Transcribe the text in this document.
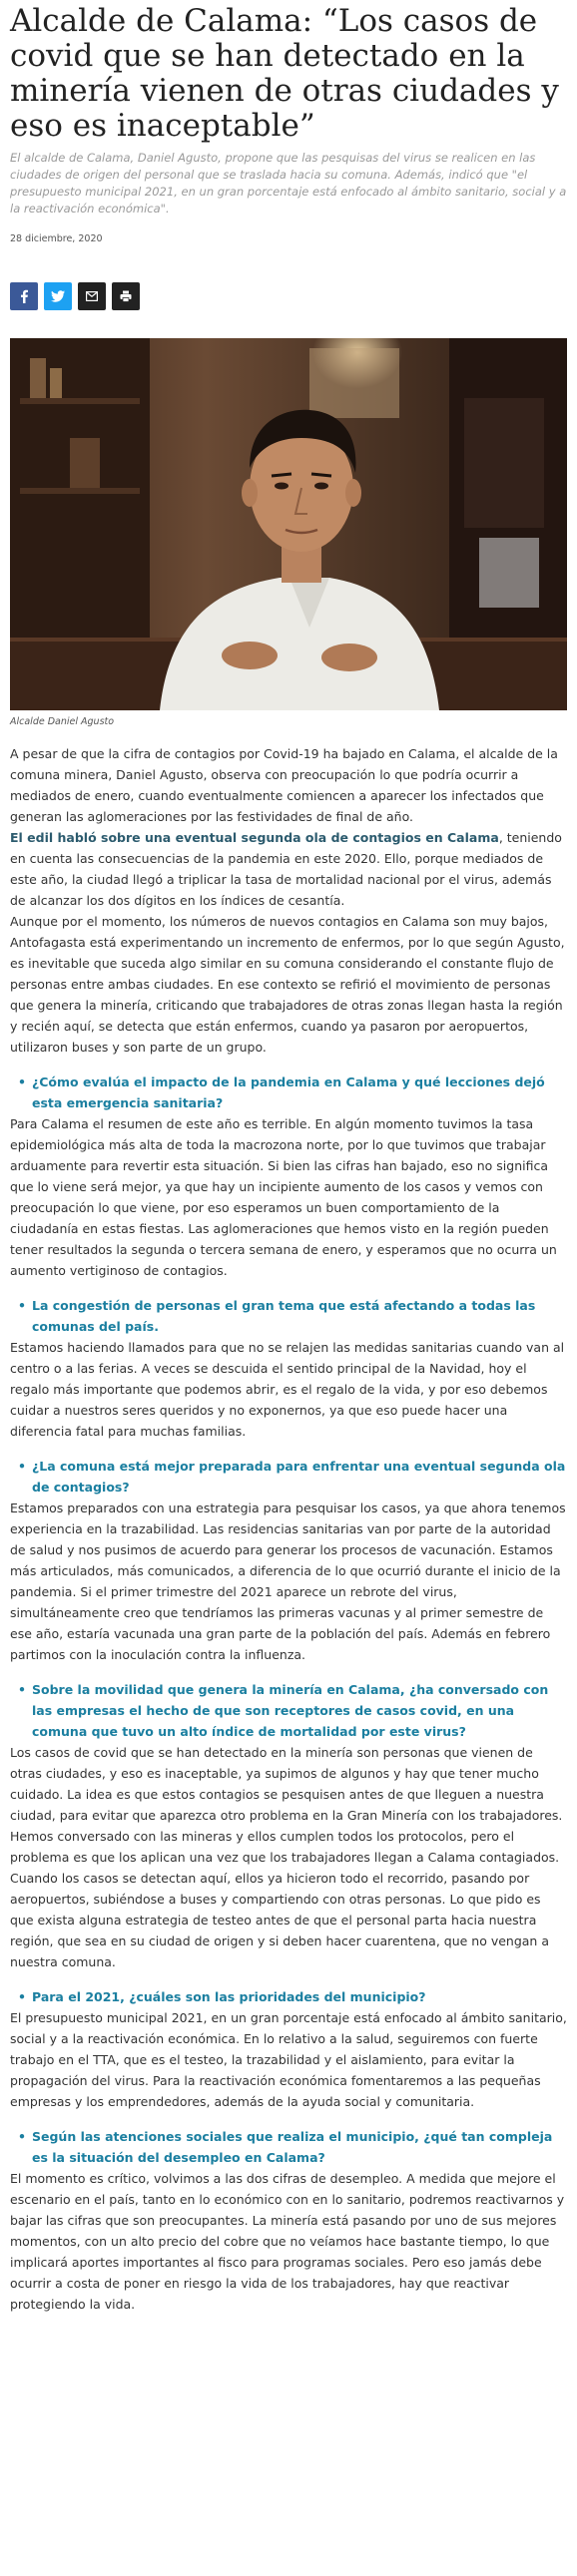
Alcalde de Calama: “Los casos de covid que se han detectado en la minería vienen de otras ciudades y eso es inaceptable”

El alcalde de Calama, Daniel Agusto, propone que las pesquisas del virus se realicen en las ciudades de origen del personal que se traslada hacia su comuna. Además, indicó que "el presupuesto municipal 2021, en un gran porcentaje está enfocado al ámbito sanitario, social y a la reactivación económica".

28 diciembre, 2020
Alcalde Daniel Agusto

A pesar de que la cifra de contagios por Covid-19 ha bajado en Calama, el alcalde de la comuna minera, Daniel Agusto, observa con preocupación lo que podría ocurrir a mediados de enero, cuando eventualmente comiencen a aparecer los infectados que generan las aglomeraciones por las festividades de final de año.

El edil habló sobre una eventual segunda ola de contagios en Calama, teniendo en cuenta las consecuencias de la pandemia en este 2020. Ello, porque mediados de este año, la ciudad llegó a triplicar la tasa de mortalidad nacional por el virus, además de alcanzar los dos dígitos en los índices de cesantía.

Aunque por el momento, los números de nuevos contagios en Calama son muy bajos, Antofagasta está experimentando un incremento de enfermos, por lo que según Agusto, es inevitable que suceda algo similar en su comuna considerando el constante flujo de personas entre ambas ciudades. En ese contexto se refirió el movimiento de personas que genera la minería, criticando que trabajadores de otras zonas llegan hasta la región y recién aquí, se detecta que están enfermos, cuando ya pasaron por aeropuertos, utilizaron buses y son parte de un grupo.

• ¿Cómo evalúa el impacto de la pandemia en Calama y qué lecciones dejó esta emergencia sanitaria?

Para Calama el resumen de este año es terrible. En algún momento tuvimos la tasa epidemiológica más alta de toda la macrozona norte, por lo que tuvimos que trabajar arduamente para revertir esta situación. Si bien las cifras han bajado, eso no significa que lo viene será mejor, ya que hay un incipiente aumento de los casos y vemos con preocupación lo que viene, por eso esperamos un buen comportamiento de la ciudadanía en estas fiestas. Las aglomeraciones que hemos visto en la región pueden tener resultados la segunda o tercera semana de enero, y esperamos que no ocurra un aumento vertiginoso de contagios.

• La congestión de personas el gran tema que está afectando a todas las comunas del país.

Estamos haciendo llamados para que no se relajen las medidas sanitarias cuando van al centro o a las ferias. A veces se descuida el sentido principal de la Navidad, hoy el regalo más importante que podemos abrir, es el regalo de la vida, y por eso debemos cuidar a nuestros seres queridos y no exponernos, ya que eso puede hacer una diferencia fatal para muchas familias.

• ¿La comuna está mejor preparada para enfrentar una eventual segunda ola de contagios?

Estamos preparados con una estrategia para pesquisar los casos, ya que ahora tenemos experiencia en la trazabilidad. Las residencias sanitarias van por parte de la autoridad de salud y nos pusimos de acuerdo para generar los procesos de vacunación. Estamos más articulados, más comunicados, a diferencia de lo que ocurrió durante el inicio de la pandemia. Si el primer trimestre del 2021 aparece un rebrote del virus, simultáneamente creo que tendríamos las primeras vacunas y al primer semestre de ese año, estaría vacunada una gran parte de la población del país. Además en febrero partimos con la inoculación contra la influenza.

• Sobre la movilidad que genera la minería en Calama, ¿ha conversado con las empresas el hecho de que son receptores de casos covid, en una comuna que tuvo un alto índice de mortalidad por este virus?

Los casos de covid que se han detectado en la minería son personas que vienen de otras ciudades, y eso es inaceptable, ya supimos de algunos y hay que tener mucho cuidado. La idea es que estos contagios se pesquisen antes de que lleguen a nuestra ciudad, para evitar que aparezca otro problema en la Gran Minería con los trabajadores.

Hemos conversado con las mineras y ellos cumplen todos los protocolos, pero el problema es que los aplican una vez que los trabajadores llegan a Calama contagiados. Cuando los casos se detectan aquí, ellos ya hicieron todo el recorrido, pasando por aeropuertos, subiéndose a buses y compartiendo con otras personas. Lo que pido es que exista alguna estrategia de testeo antes de que el personal parta hacia nuestra región, que sea en su ciudad de origen y si deben hacer cuarentena, que no vengan a nuestra comuna.

• Para el 2021, ¿cuáles son las prioridades del municipio?

El presupuesto municipal 2021, en un gran porcentaje está enfocado al ámbito sanitario, social y a la reactivación económica. En lo relativo a la salud, seguiremos con fuerte trabajo en el TTA, que es el testeo, la trazabilidad y el aislamiento, para evitar la propagación del virus. Para la reactivación económica fomentaremos a las pequeñas empresas y los emprendedores, además de la ayuda social y comunitaria.

• Según las atenciones sociales que realiza el municipio, ¿qué tan compleja es la situación del desempleo en Calama?

El momento es crítico, volvimos a las dos cifras de desempleo. A medida que mejore el escenario en el país, tanto en lo económico con en lo sanitario, podremos reactivarnos y bajar las cifras que son preocupantes. La minería está pasando por uno de sus mejores momentos, con un alto precio del cobre que no veíamos hace bastante tiempo, lo que implicará aportes importantes al fisco para programas sociales. Pero eso jamás debe ocurrir a costa de poner en riesgo la vida de los trabajadores, hay que reactivar protegiendo la vida.
